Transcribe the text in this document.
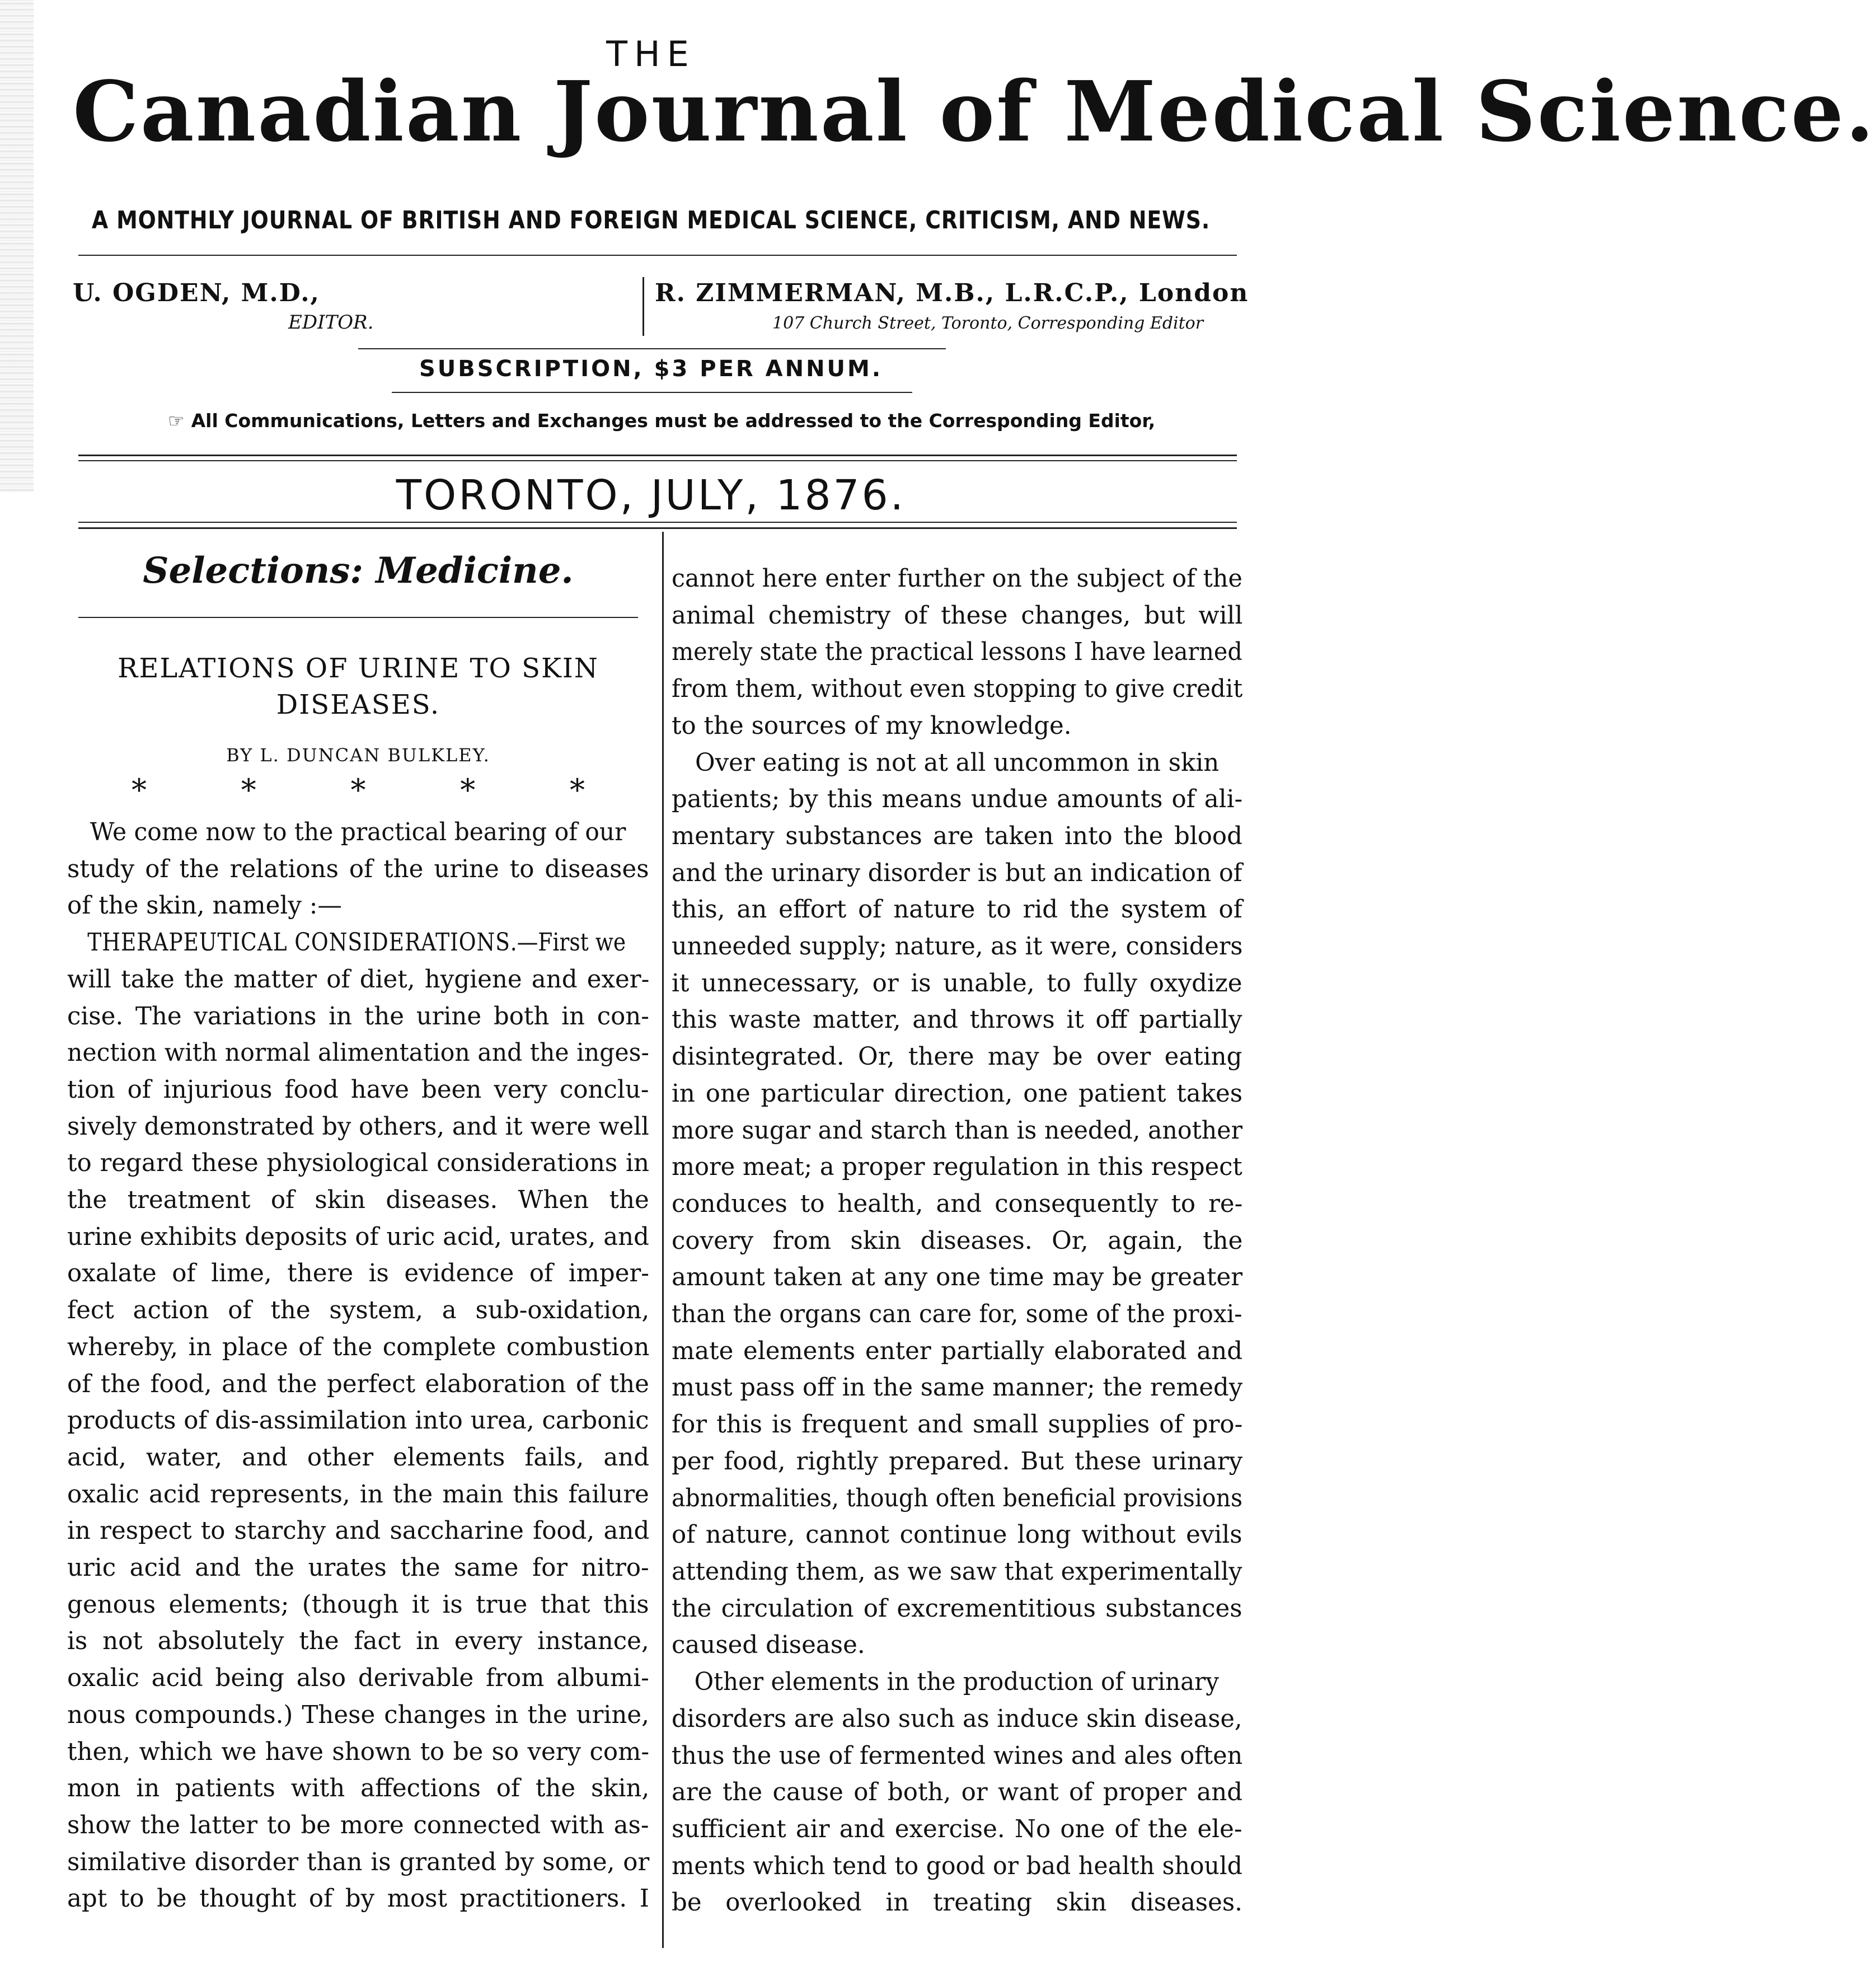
THE
Canadian Journal of Medical Science.
A MONTHLY JOURNAL OF BRITISH AND FOREIGN MEDICAL SCIENCE, CRITICISM, AND NEWS.
U. OGDEN, M.D.,
EDITOR.
R. ZIMMERMAN, M.B., L.R.C.P., London
107 Church Street, Toronto, Corresponding Editor
SUBSCRIPTION, $3 PER ANNUM.
☞ All Communications, Letters and Exchanges must be addressed to the Corresponding Editor,
TORONTO, JULY, 1876.
Selections: Medicine.
RELATIONS OF URINE TO SKIN DISEASES.
BY L. DUNCAN BULKLEY.
*	*	*	*	*
We come now to the practical bearing of our
study of the relations of the urine to diseases
of the skin, namely :—
THERAPEUTICAL CONSIDERATIONS.—First we
will take the matter of diet, hygiene and exer-
cise. The variations in the urine both in con-
nection with normal alimentation and the inges-
tion of injurious food have been very conclu-
sively demonstrated by others, and it were well
to regard these physiological considerations in
the treatment of skin diseases. When the
urine exhibits deposits of uric acid, urates, and
oxalate of lime, there is evidence of imper-
fect action of the system, a sub-oxidation,
whereby, in place of the complete combustion
of the food, and the perfect elaboration of the
products of dis-assimilation into urea, carbonic
acid, water, and other elements fails, and
oxalic acid represents, in the main this failure
in respect to starchy and saccharine food, and
uric acid and the urates the same for nitro-
genous elements; (though it is true that this
is not absolutely the fact in every instance,
oxalic acid being also derivable from albumi-
nous compounds.) These changes in the urine,
then, which we have shown to be so very com-
mon in patients with affections of the skin,
show the latter to be more connected with as-
similative disorder than is granted by some, or
apt to be thought of by most practitioners. I
cannot here enter further on the subject of the
animal chemistry of these changes, but will
merely state the practical lessons I have learned
from them, without even stopping to give credit
to the sources of my knowledge.
Over eating is not at all uncommon in skin
patients; by this means undue amounts of ali-
mentary substances are taken into the blood
and the urinary disorder is but an indication of
this, an effort of nature to rid the system of
unneeded supply; nature, as it were, considers
it unnecessary, or is unable, to fully oxydize
this waste matter, and throws it off partially
disintegrated. Or, there may be over eating
in one particular direction, one patient takes
more sugar and starch than is needed, another
more meat; a proper regulation in this respect
conduces to health, and consequently to re-
covery from skin diseases. Or, again, the
amount taken at any one time may be greater
than the organs can care for, some of the proxi-
mate elements enter partially elaborated and
must pass off in the same manner; the remedy
for this is frequent and small supplies of pro-
per food, rightly prepared. But these urinary
abnormalities, though often beneficial provisions
of nature, cannot continue long without evils
attending them, as we saw that experimentally
the circulation of excrementitious substances
caused disease.
Other elements in the production of urinary
disorders are also such as induce skin disease,
thus the use of fermented wines and ales often
are the cause of both, or want of proper and
sufficient air and exercise. No one of the ele-
ments which tend to good or bad health should
be overlooked in treating skin diseases.
